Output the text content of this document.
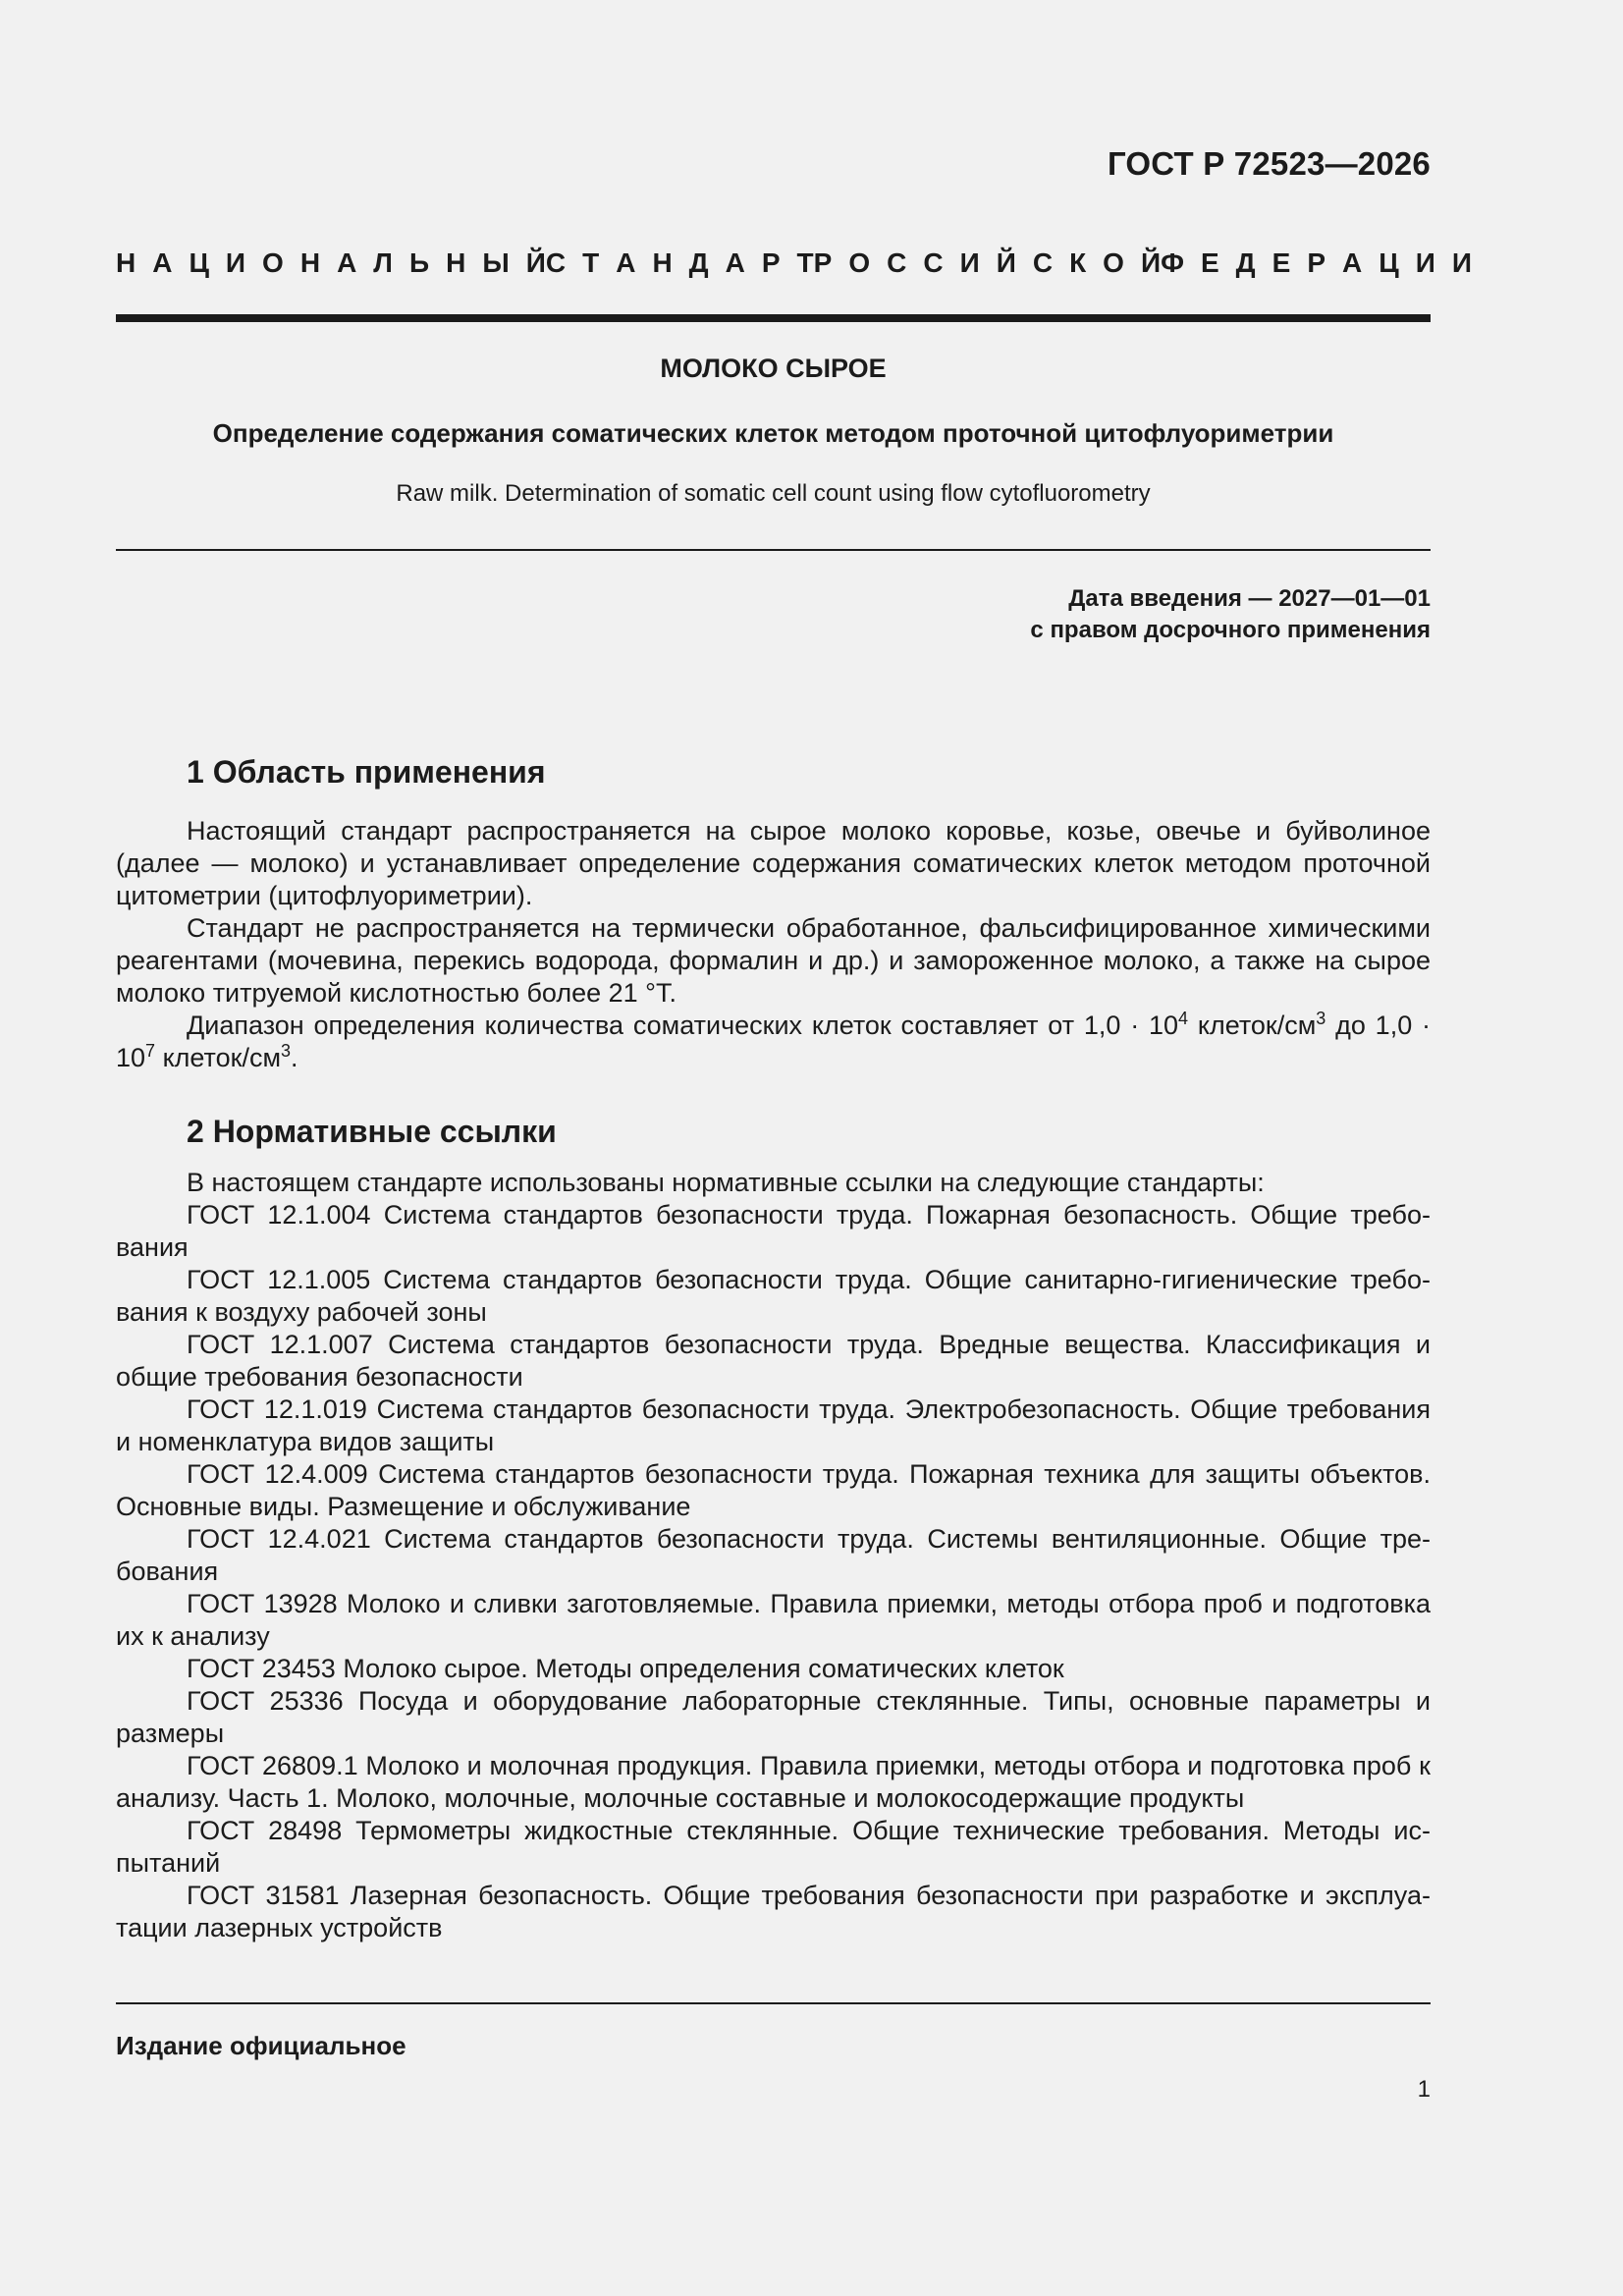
ГОСТ Р 72523—2026
Н А Ц И О Н А Л Ь Н Ы Й С Т А Н Д А Р Т Р О С С И Й С К О Й Ф Е Д Е Р А Ц И И
МОЛОКО СЫРОЕ
Определение содержания соматических клеток методом проточной цитофлуориметрии
Raw milk. Determination of somatic cell count using flow cytofluorometry
Дата введения — 2027—01—01
с правом досрочного применения
1 Область применения

Настоящий стандарт распространяется на сырое молоко коровье, козье, овечье и буйволиное (далее — молоко) и устанавливает определение содержания соматических клеток методом проточной цитометрии (цитофлуориметрии).

Стандарт не распространяется на термически обработанное, фальсифицированное химическими реагентами (мочевина, перекись водорода, формалин и др.) и замороженное молоко, а также на сырое молоко титруемой кислотностью более 21 °Т.

Диапазон определения количества соматических клеток составляет от $1,0 \cdot 10^4$ клеток/$см^3$ до $1,0 \cdot 10^7$ клеток/$см^3$.

2 Нормативные ссылки

В настоящем стандарте использованы нормативные ссылки на следующие стандарты:

ГОСТ 12.1.004 Система стандартов безопасности труда. Пожарная безопасность. Общие требования

ГОСТ 12.1.005 Система стандартов безопасности труда. Общие санитарно-гигиенические требования к воздуху рабочей зоны

ГОСТ 12.1.007 Система стандартов безопасности труда. Вредные вещества. Классификация и общие требования безопасности

ГОСТ 12.1.019 Система стандартов безопасности труда. Электробезопасность. Общие требования и номенклатура видов защиты

ГОСТ 12.4.009 Система стандартов безопасности труда. Пожарная техника для защиты объектов. Основные виды. Размещение и обслуживание

ГОСТ 12.4.021 Система стандартов безопасности труда. Системы вентиляционные. Общие требования

ГОСТ 13928 Молоко и сливки заготовляемые. Правила приемки, методы отбора проб и подготовка их к анализу

ГОСТ 23453 Молоко сырое. Методы определения соматических клеток

ГОСТ 25336 Посуда и оборудование лабораторные стеклянные. Типы, основные параметры и размеры

ГОСТ 26809.1 Молоко и молочная продукция. Правила приемки, методы отбора и подготовка проб к анализу. Часть 1. Молоко, молочные, молочные составные и молокосодержащие продукты

ГОСТ 28498 Термометры жидкостные стеклянные. Общие технические требования. Методы испытаний

ГОСТ 31581 Лазерная безопасность. Общие требования безопасности при разработке и эксплуатации лазерных устройств

Издание официальное
1
